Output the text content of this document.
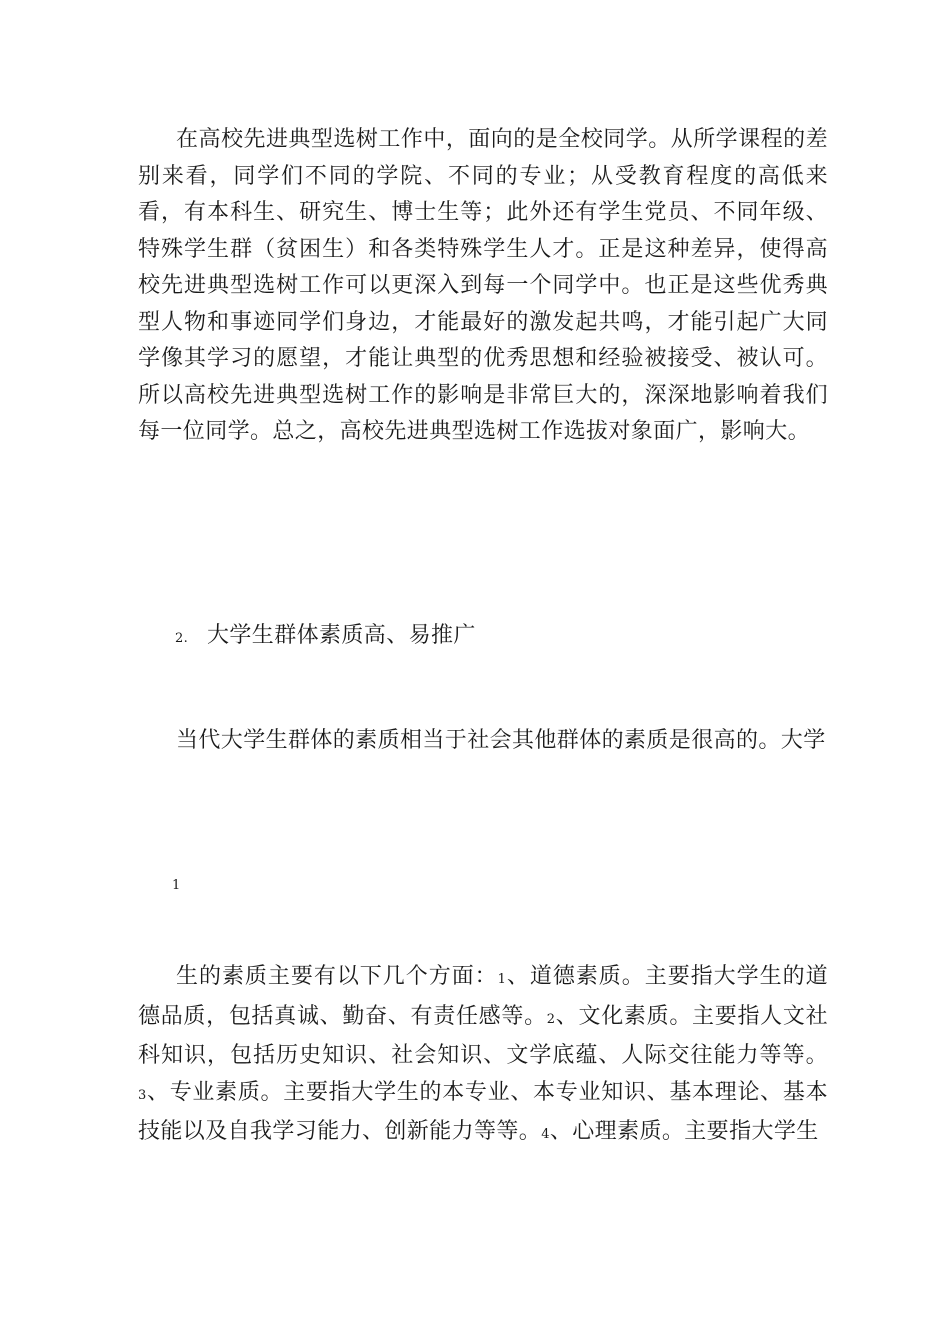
在高校先进典型选树工作中，面向的是全校同学。从所学课程的差别来看，同学们不同的学院、不同的专业；从受教育程度的高低来看，有本科生、研究生、博士生等；此外还有学生党员、不同年级、特殊学生群（贫困生）和各类特殊学生人才。正是这种差异，使得高校先进典型选树工作可以更深入到每一个同学中。也正是这些优秀典型人物和事迹同学们身边，才能最好的激发起共鸣，才能引起广大同学像其学习的愿望，才能让典型的优秀思想和经验被接受、被认可。所以高校先进典型选树工作的影响是非常巨大的，深深地影响着我们每一位同学。总之，高校先进典型选树工作选拔对象面广，影响大。

2. 大学生群体素质高、易推广

当代大学生群体的素质相当于社会其他群体的素质是很高的。大学

1

生的素质主要有以下几个方面：1、道德素质。主要指大学生的道德品质，包括真诚、勤奋、有责任感等。2、文化素质。主要指人文社科知识，包括历史知识、社会知识、文学底蕴、人际交往能力等等。3、专业素质。主要指大学生的本专业、本专业知识、基本理论、基本技能以及自我学习能力、创新能力等等。4、心理素质。主要指大学生
